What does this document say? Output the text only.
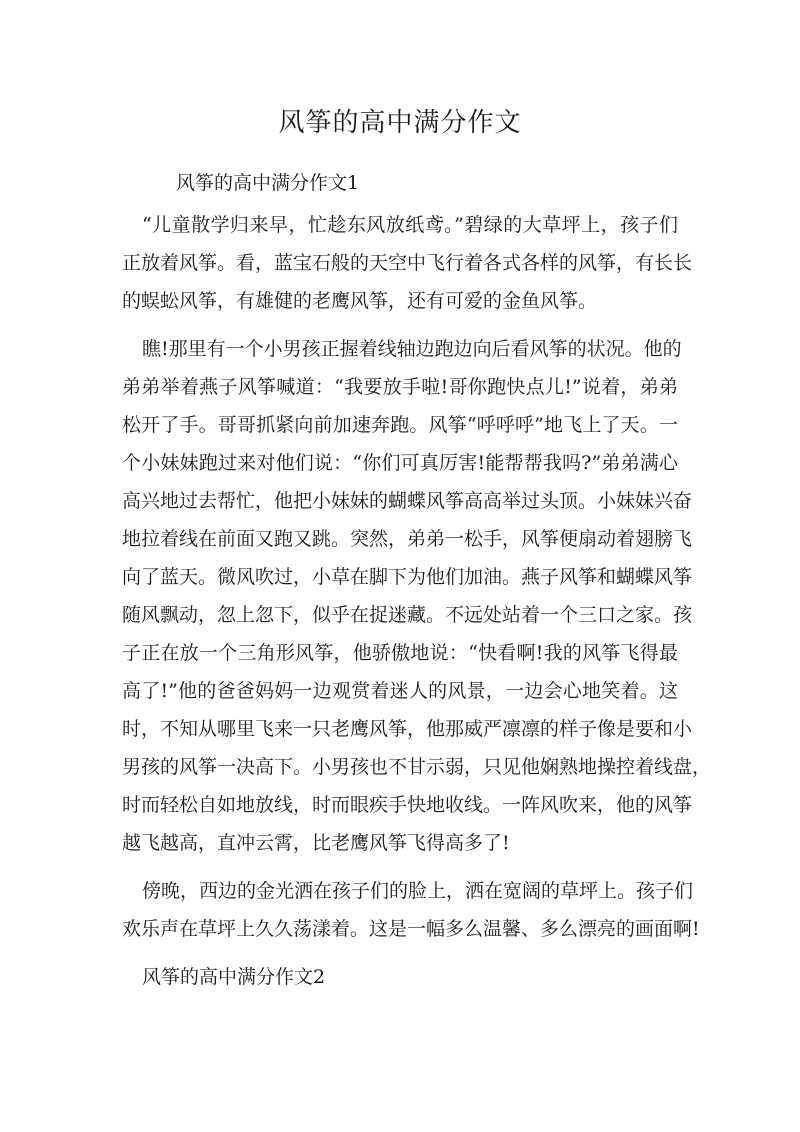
风筝的高中满分作文
风筝的高中满分作文1
“儿童散学归来早，忙趁东风放纸鸢。”碧绿的大草坪上，孩子们
正放着风筝。看，蓝宝石般的天空中飞行着各式各样的风筝，有长长
的蜈蚣风筝，有雄健的老鹰风筝，还有可爱的金鱼风筝。
瞧!那里有一个小男孩正握着线轴边跑边向后看风筝的状况。他的
弟弟举着燕子风筝喊道：“我要放手啦!哥你跑快点儿!”说着，弟弟
松开了手。哥哥抓紧向前加速奔跑。风筝“呼呼呼”地飞上了天。一
个小妹妹跑过来对他们说：“你们可真厉害!能帮帮我吗?”弟弟满心
高兴地过去帮忙，他把小妹妹的蝴蝶风筝高高举过头顶。小妹妹兴奋
地拉着线在前面又跑又跳。突然，弟弟一松手，风筝便扇动着翅膀飞
向了蓝天。微风吹过，小草在脚下为他们加油。燕子风筝和蝴蝶风筝
随风飘动，忽上忽下，似乎在捉迷藏。不远处站着一个三口之家。孩
子正在放一个三角形风筝，他骄傲地说：“快看啊!我的风筝飞得最
高了!”他的爸爸妈妈一边观赏着迷人的风景，一边会心地笑着。这
时，不知从哪里飞来一只老鹰风筝，他那威严凛凛的样子像是要和小
男孩的风筝一决高下。小男孩也不甘示弱，只见他娴熟地操控着线盘，
时而轻松自如地放线，时而眼疾手快地收线。一阵风吹来，他的风筝
越飞越高，直冲云霄，比老鹰风筝飞得高多了!
傍晚，西边的金光洒在孩子们的脸上，洒在宽阔的草坪上。孩子们
欢乐声在草坪上久久荡漾着。这是一幅多么温馨、多么漂亮的画面啊!
风筝的高中满分作文2
